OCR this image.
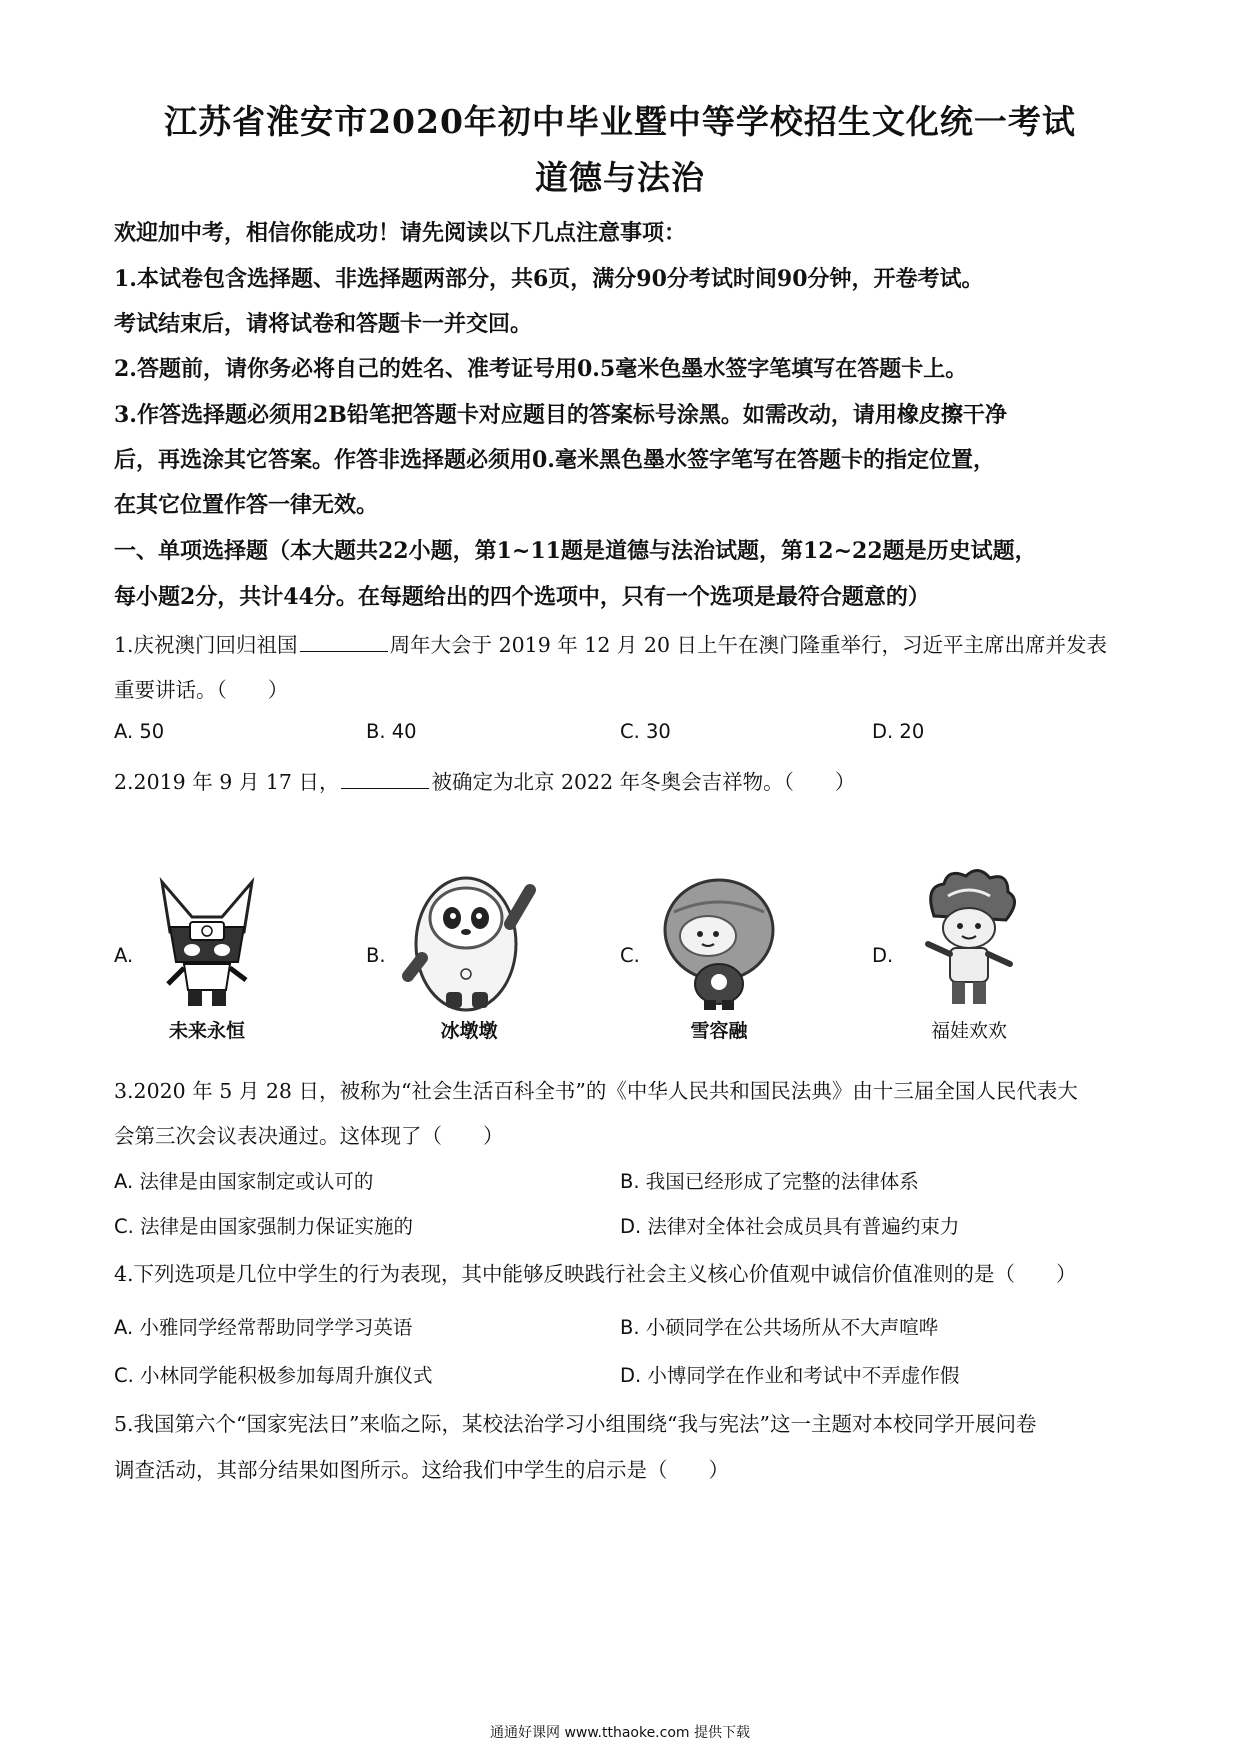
江苏省淮安市2020年初中毕业暨中等学校招生文化统一考试
道德与法治
欢迎加中考，相信你能成功！请先阅读以下几点注意事项：
1.本试卷包含选择题、非选择题两部分，共6页，满分90分考试时间90分钟，开卷考试。
考试结束后，请将试卷和答题卡一并交回。
2.答题前，请你务必将自己的姓名、准考证号用0.5毫米色墨水签字笔填写在答题卡上。
3.作答选择题必须用2B铅笔把答题卡对应题目的答案标号涂黑。如需改动，请用橡皮擦干净
后，再选涂其它答案。作答非选择题必须用0.毫米黑色墨水签字笔写在答题卡的指定位置，
在其它位置作答一律无效。
一、单项选择题（本大题共22小题，第1~11题是道德与法治试题，第12~22题是历史试题，
每小题2分，共计44分。在每题给出的四个选项中，只有一个选项是最符合题意的）
1.庆祝澳门回归祖国	周年大会于 2019 年 12 月 20 日上午在澳门隆重举行，习近平主席出席并发表
重要讲话。（　　）
A. 50	B. 40	C. 30	D. 20
2.2019 年 9 月 17 日，	被确定为北京 2022 年冬奥会吉祥物。（　　）
A.	B.	C.	D.
未来永恒	冰墩墩	雪容融	福娃欢欢
3.2020 年 5 月 28 日，被称为“社会生活百科全书”的《中华人民共和国民法典》由十三届全国人民代表大
会第三次会议表决通过。这体现了（　　）
A. 法律是由国家制定或认可的	B. 我国已经形成了完整的法律体系
C. 法律是由国家强制力保证实施的	D. 法律对全体社会成员具有普遍约束力
4.下列选项是几位中学生的行为表现，其中能够反映践行社会主义核心价值观中诚信价值准则的是（　　）
A. 小雅同学经常帮助同学学习英语	B. 小硕同学在公共场所从不大声喧哗
C. 小林同学能积极参加每周升旗仪式	D. 小博同学在作业和考试中不弄虚作假
5.我国第六个“国家宪法日”来临之际，某校法治学习小组围绕“我与宪法”这一主题对本校同学开展问卷
调查活动，其部分结果如图所示。这给我们中学生的启示是（　　）
通通好课网 www.tthaoke.com 提供下载
